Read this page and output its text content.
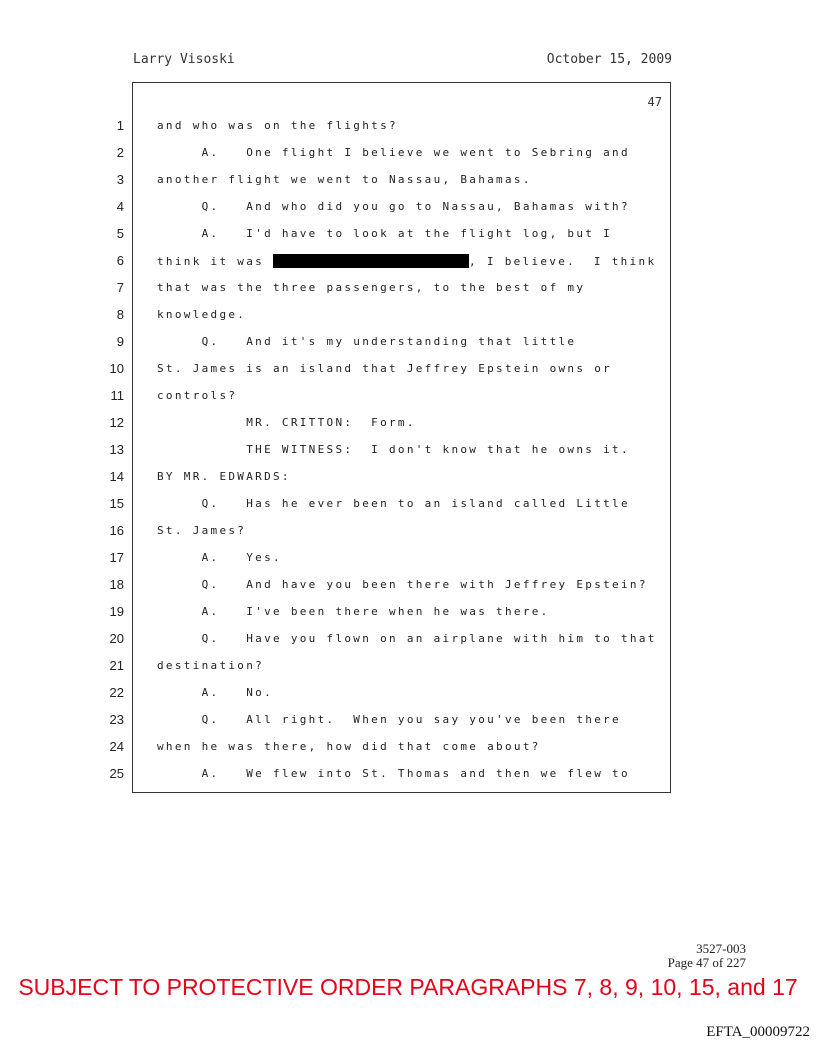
Larry Visoski	October 15, 2009
47
1	and who was on the flights?
2	A.   One flight I believe we went to Sebring and
3	another flight we went to Nassau, Bahamas.
4	Q.   And who did you go to Nassau, Bahamas with?
5	A.   I'd have to look at the flight log, but I
6	think it was	, I believe.  I think
7	that was the three passengers, to the best of my
8	knowledge.
9	Q.   And it's my understanding that little
10	St. James is an island that Jeffrey Epstein owns or
11	controls?
12	MR. CRITTON:  Form.
13	THE WITNESS:  I don't know that he owns it.
14	BY MR. EDWARDS:
15	Q.   Has he ever been to an island called Little
16	St. James?
17	A.   Yes.
18	Q.   And have you been there with Jeffrey Epstein?
19	A.   I've been there when he was there.
20	Q.   Have you flown on an airplane with him to that
21	destination?
22	A.   No.
23	Q.   All right.  When you say you've been there
24	when he was there, how did that come about?
25	A.   We flew into St. Thomas and then we flew to
3527-003
Page 47 of 227
SUBJECT TO PROTECTIVE ORDER PARAGRAPHS 7, 8, 9, 10, 15, and 17
EFTA_00009722
